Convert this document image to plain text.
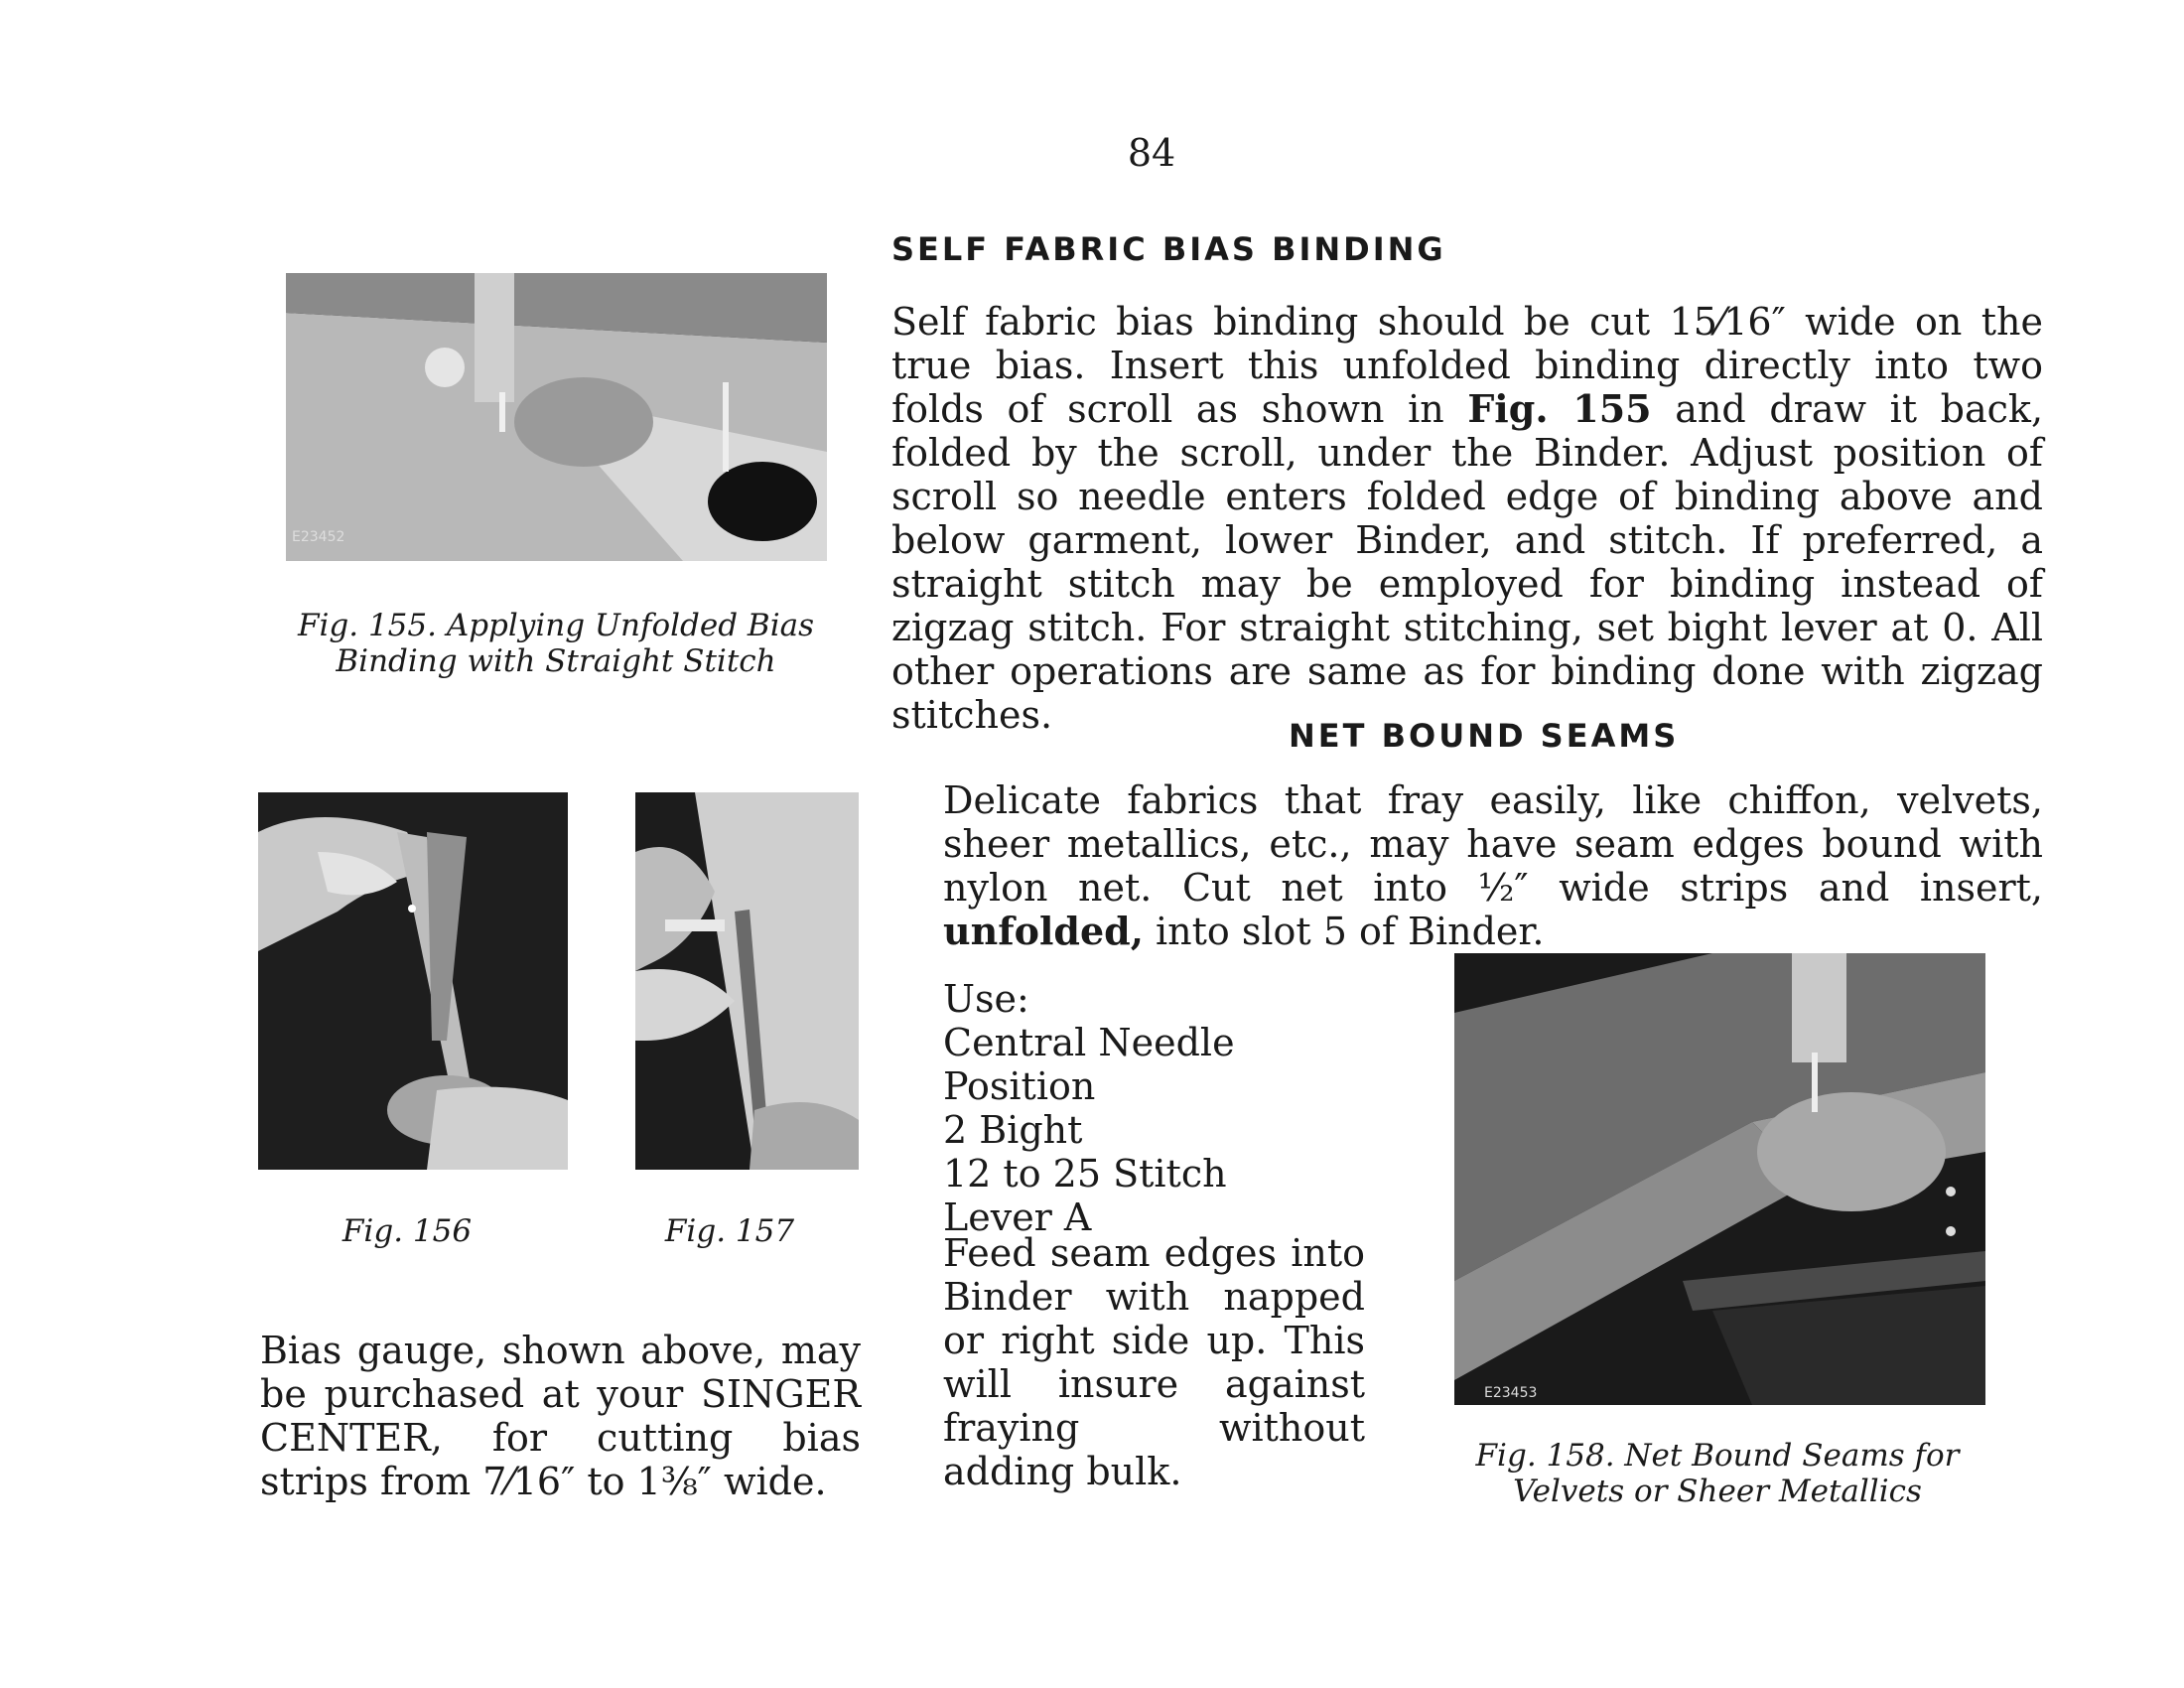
84
E23452
Fig. 155. Applying Unfolded Bias
Binding with Straight Stitch
SELF FABRIC BIAS BINDING
Self fabric bias binding should be cut 15⁄16″ wide on the true bias. Insert this unfolded binding directly into two folds of scroll as shown in Fig. 155 and draw it back, folded by the scroll, under the Binder. Adjust position of scroll so needle enters folded edge of binding above and below garment, lower Binder, and stitch. If preferred, a straight stitch may be employed for binding instead of zigzag stitch. For straight stitching, set bight lever at 0. All other operations are same as for binding done with zigzag stitches.
Fig. 156	Fig. 157
Bias gauge, shown above, may be purchased at your SINGER CENTER, for cutting bias strips from 7⁄16″ to 1⅜″ wide.
NET BOUND SEAMS
Delicate fabrics that fray easily, like chiffon, velvets, sheer metallics, etc., may have seam edges bound with nylon net. Cut net into ½″ wide strips and insert, unfolded, into slot 5 of Binder.
Use:
Central Needle Position
2 Bight
12 to 25 Stitch
Lever A
Feed seam edges into Binder with napped or right side up. This will insure against fraying without adding bulk.
E23453
Fig. 158. Net Bound Seams for
Velvets or Sheer Metallics
